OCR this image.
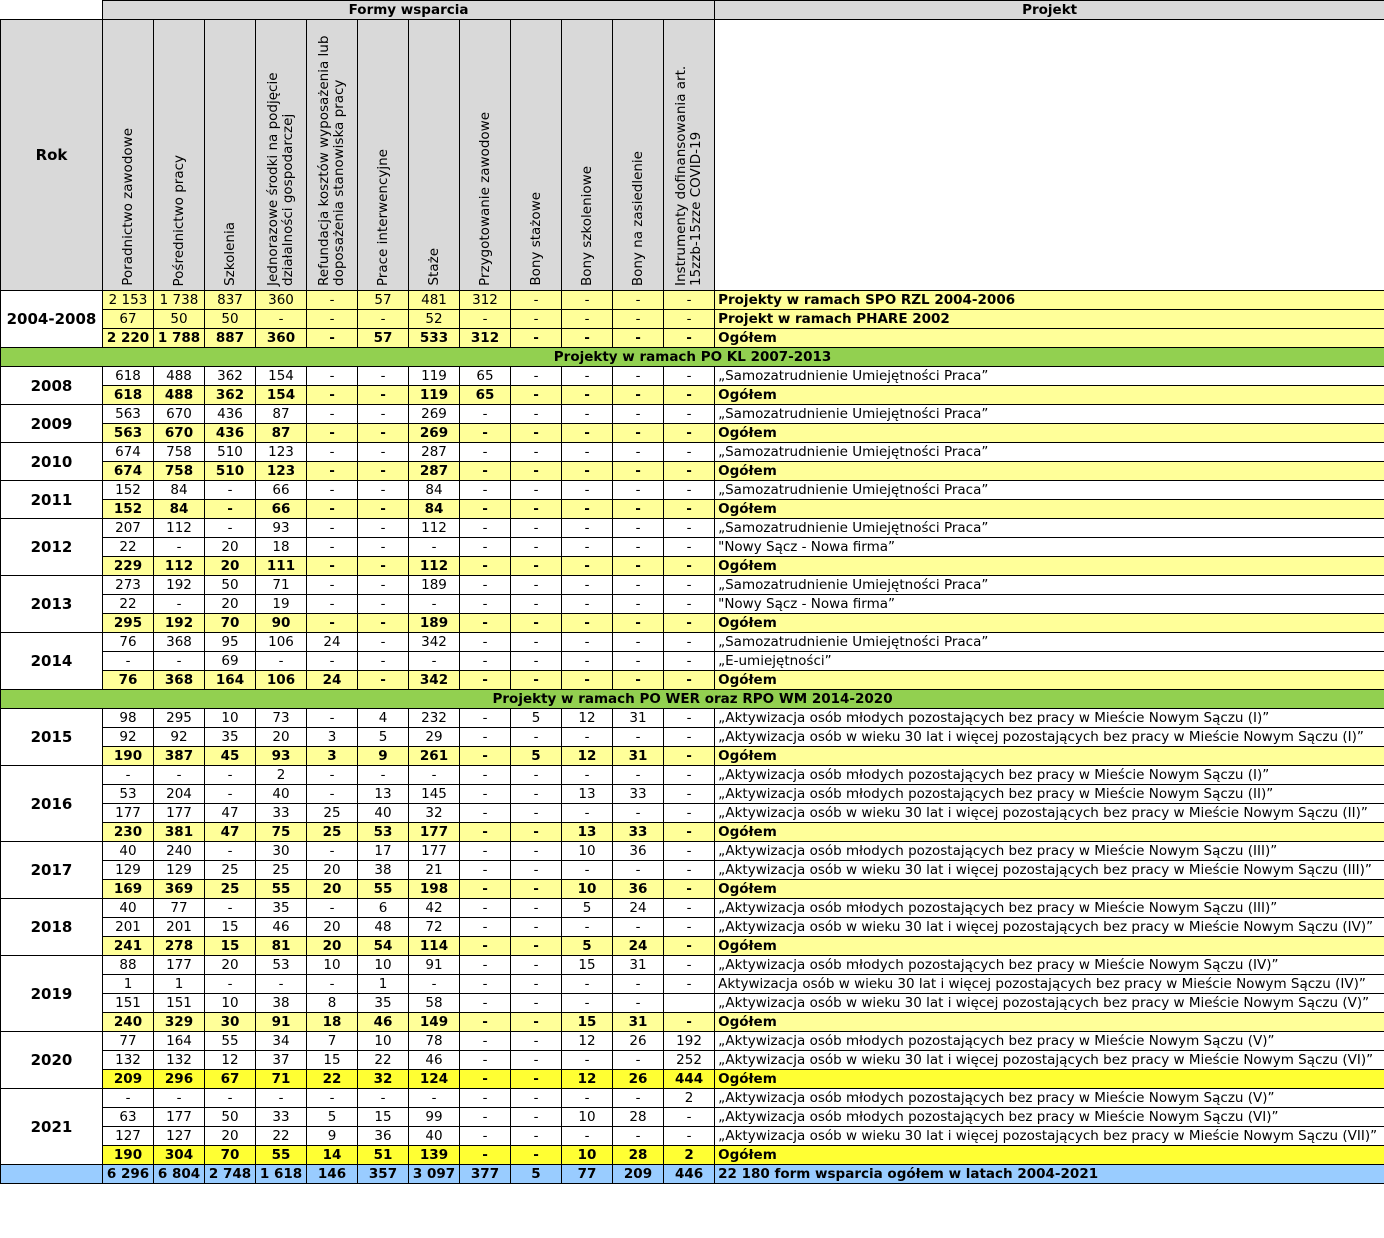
	Formy wsparcia												Projekt
Rok	Poradnictwo zawodowe	Pośrednictwo pracy	Szkolenia	Jednorazowe środki na podjęcie działalności gospodarczej	Refundacja kosztów wyposażenia lub doposażenia stanowiska pracy	Prace interwencyjne	Staże	Przygotowanie zawodowe	Bony stażowe	Bony szkoleniowe	Bony na zasiedlenie	Instrumenty dofinansowania art. 15zzb-15zze COVID-19	

2004-2008	2 153	1 738	837	360	-	57	481	312	-	-	-	-	Projekty w ramach SPO RZL 2004-2006
	67	50	50	-	-	-	52	-	-	-	-	-	Projekt w ramach PHARE 2002
	2 220	1 788	887	360	-	57	533	312	-	-	-	-	Ogółem
Projekty w ramach PO KL 2007-2013													
2008	618	488	362	154	-	-	119	65	-	-	-	-	„Samozatrudnienie Umiejętności Praca”
	618	488	362	154	-	-	119	65	-	-	-	-	Ogółem
2009	563	670	436	87	-	-	269	-	-	-	-	-	„Samozatrudnienie Umiejętności Praca”
	563	670	436	87	-	-	269	-	-	-	-	-	Ogółem
2010	674	758	510	123	-	-	287	-	-	-	-	-	„Samozatrudnienie Umiejętności Praca”
	674	758	510	123	-	-	287	-	-	-	-	-	Ogółem
2011	152	84	-	66	-	-	84	-	-	-	-	-	„Samozatrudnienie Umiejętności Praca”
	152	84	-	66	-	-	84	-	-	-	-	-	Ogółem
2012	207	112	-	93	-	-	112	-	-	-	-	-	„Samozatrudnienie Umiejętności Praca”
	22	-	20	18	-	-	-	-	-	-	-	-	"Nowy Sącz - Nowa firma”
	229	112	20	111	-	-	112	-	-	-	-	-	Ogółem
2013	273	192	50	71	-	-	189	-	-	-	-	-	„Samozatrudnienie Umiejętności Praca”
	22	-	20	19	-	-	-	-	-	-	-	-	"Nowy Sącz - Nowa firma”
	295	192	70	90	-	-	189	-	-	-	-	-	Ogółem
2014	76	368	95	106	24	-	342	-	-	-	-	-	„Samozatrudnienie Umiejętności Praca”
	-	-	69	-	-	-	-	-	-	-	-	-	„E-umiejętności”
	76	368	164	106	24	-	342	-	-	-	-	-	Ogółem
Projekty w ramach PO WER oraz RPO WM 2014-2020													
2015	98	295	10	73	-	4	232	-	5	12	31	-	„Aktywizacja osób młodych pozostających bez pracy w Mieście Nowym Sączu (I)”
	92	92	35	20	3	5	29	-	-	-	-	-	„Aktywizacja osób w wieku 30 lat i więcej pozostających bez pracy w Mieście Nowym Sączu (I)”
	190	387	45	93	3	9	261	-	5	12	31	-	Ogółem
2016	-	-	-	2	-	-	-	-	-	-	-	-	„Aktywizacja osób młodych pozostających bez pracy w Mieście Nowym Sączu (I)”
	53	204	-	40	-	13	145	-	-	13	33	-	„Aktywizacja osób młodych pozostających bez pracy w Mieście Nowym Sączu (II)”
	177	177	47	33	25	40	32	-	-	-	-	-	„Aktywizacja osób w wieku 30 lat i więcej pozostających bez pracy w Mieście Nowym Sączu (II)”
	230	381	47	75	25	53	177	-	-	13	33	-	Ogółem
2017	40	240	-	30	-	17	177	-	-	10	36	-	„Aktywizacja osób młodych pozostających bez pracy w Mieście Nowym Sączu (III)”
	129	129	25	25	20	38	21	-	-	-	-	-	„Aktywizacja osób w wieku 30 lat i więcej pozostających bez pracy w Mieście Nowym Sączu (III)”
	169	369	25	55	20	55	198	-	-	10	36	-	Ogółem
2018	40	77	-	35	-	6	42	-	-	5	24	-	„Aktywizacja osób młodych pozostających bez pracy w Mieście Nowym Sączu (III)”
	201	201	15	46	20	48	72	-	-	-	-	-	„Aktywizacja osób w wieku 30 lat i więcej pozostających bez pracy w Mieście Nowym Sączu (IV)”
	241	278	15	81	20	54	114	-	-	5	24	-	Ogółem
2019	88	177	20	53	10	10	91	-	-	15	31	-	„Aktywizacja osób młodych pozostających bez pracy w Mieście Nowym Sączu (IV)”
	1	1	-	-	-	1	-	-	-	-	-	-	Aktywizacja osób w wieku 30 lat i więcej pozostających bez pracy w Mieście Nowym Sączu (IV)”
	151	151	10	38	8	35	58	-	-	-	-		„Aktywizacja osób w wieku 30 lat i więcej pozostających bez pracy w Mieście Nowym Sączu (V)”
	240	329	30	91	18	46	149	-	-	15	31	-	Ogółem
2020	77	164	55	34	7	10	78	-	-	12	26	192	„Aktywizacja osób młodych pozostających bez pracy w Mieście Nowym Sączu (V)”
	132	132	12	37	15	22	46	-	-	-	-	252	„Aktywizacja osób w wieku 30 lat i więcej pozostających bez pracy w Mieście Nowym Sączu (VI)”
	209	296	67	71	22	32	124	-	-	12	26	444	Ogółem
2021	-	-	-	-	-	-	-	-	-	-	-	2	„Aktywizacja osób młodych pozostających bez pracy w Mieście Nowym Sączu (V)”
	63	177	50	33	5	15	99	-	-	10	28	-	„Aktywizacja osób młodych pozostających bez pracy w Mieście Nowym Sączu (VI)”
	127	127	20	22	9	36	40	-	-	-	-	-	„Aktywizacja osób w wieku 30 lat i więcej pozostających bez pracy w Mieście Nowym Sączu (VII)”
	190	304	70	55	14	51	139	-	-	10	28	2	Ogółem
	6 296	6 804	2 748	1 618	146	357	3 097	377	5	77	209	446	22 180 form wsparcia ogółem w latach 2004-2021
